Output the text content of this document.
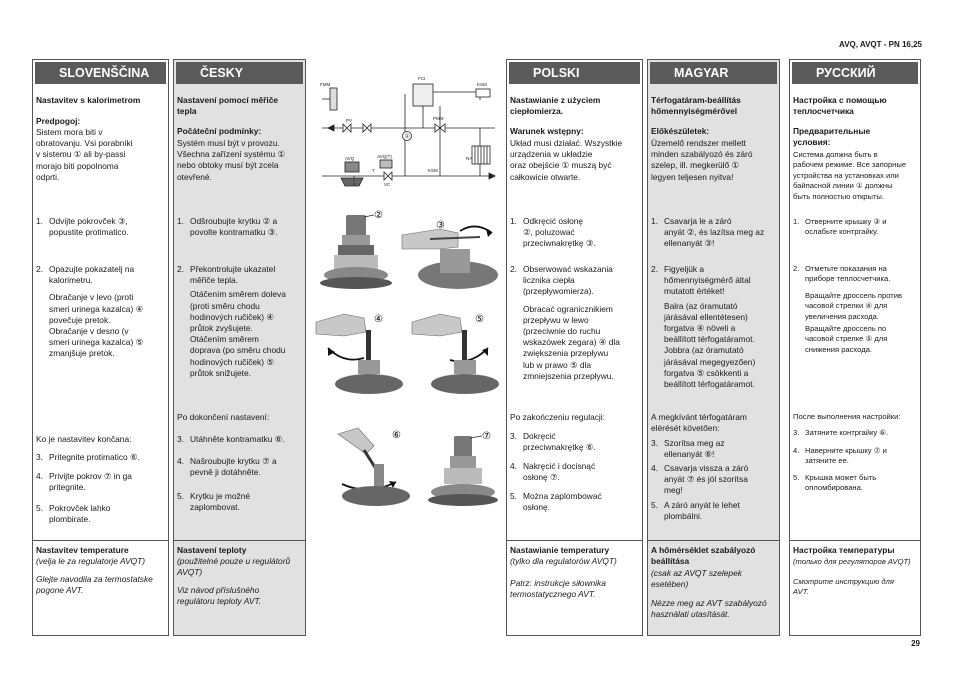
AVQ, AVQT - PN 16,25
29
SLOVENŠČINA
Nastavitev s kalorimetrom
Predpogoj:
Sistem mora biti v
obratovanju. Vsi porabniki
v sistemu ① ali by-passi
morajo biti popolnoma
odprti.
1. Odvijte pokrovček ③,
popustite protimatico.
2. Opazujte pokazatelj na
kalorimetru.
Obračanje v levo (proti
smeri urinega kazalca) ④
povečuje pretok.
Obračanje v desno (v
smeri urinega kazalca) ⑤
zmanjšuje pretok.
Ko je nastavitev končana:
3. Pritegnite protimatico ⑥.
4. Privijte pokrov ⑦ in ga
pritegnite.
5. Pokrovček lahko
plombirate.
Nastavitev temperature
(velja le za regulatorje AVQT)
Glejte navodila za termostatske
pogone AVT.
ČESKY
Nastavení pomocí měřiče
tepla
Počáteční podmínky:
Systém musí být v provozu.
Všechna zařízení systému ①
nebo obtoky musí být zcela
otevřené.
1. Odšroubujte krytku ② a
povolte kontramatku ③.
2. Překontrolujte ukazatel
měřiče tepla.
Otáčením směrem doleva
(proti směru chodu
hodinových ručiček) ④
průtok zvyšujete.
Otáčením směrem
doprava (po směru chodu
hodinových ručiček) ⑤
průtok snižujete.
Po dokončení nastavení:
3. Utáhněte kontramatku ⑥.
4. Našroubujte krytku ⑦ a
pevně ji dotáhněte.
5. Krytku je možné
zaplombovat.
Nastavení teploty
(použitelné pouze u regulátorů
AVQT)
Viz návod příslušného
regulátoru teploty AVT.
FCI
KSM
FMM
PV
AVQ	AVQ(T)
VC
T	KSM
RA
PMM
①
②
③
④	⑤
⑥	⑦
POLSKI
Nastawianie z użyciem
ciepłomierza.
Warunek wstępny:
Układ musi działać. Wszystkie
urządzenia w układzie
oraz obejście ① muszą być
całkowicie otwarte.
1. Odkręcić osłonę
②, poluzować
przeciwnakrętkę ③.
2. Obserwować wskazania
licznika ciepła
(przepływomierza).
Obracać ogranicznikiem
przepływu w lewo
(przeciwnie do ruchu
wskazówek zegara) ④ dla
zwiększenia przepływu
lub w prawo ⑤ dla
zmniejszenia przepływu.
Po zakończeniu regulacji:
3. Dokręcić
przeciwnakrętkę ⑥.
4. Nakręcić i docisnąć
osłonę ⑦.
5. Można zaplombować
osłonę.
Nastawianie temperatury
(tylko dla regulatorów AVQT)
Patrz: instrukcje siłownika
termostatycznego AVT.
MAGYAR
Térfogatáram-beállítás
hőmennyiségmérővel
Előkészületek:
Üzemelő rendszer mellett
minden szabályozó és záró
szelep, ill. megkerülő ①
legyen teljesen nyitva!
1. Csavarja le a záró
anyát ②, és lazítsa meg az
ellenanyát ③!
2. Figyeljük a
hőmennyiségmérő által
mutatott értéket!
Balra (az óramutató
járásával ellentétesen)
forgatva ④ növeli a
beállított térfogatáramot.
Jobbra (az óramutató
járásával megegyezően)
forgatva ⑤ csökkenti a
beállított térfogatáramot.
A megkívánt térfogatáram
elérését követően:
3. Szorítsa meg az
ellenanyát ⑥!
4. Csavarja vissza a záró
anyát ⑦ és jól szorítsa
meg!
5. A záró anyát le lehet
plombálni.
A hőmérséklet szabályozó
beállítása
(csak az AVQT szelepek
esetében)
Nézze meg az AVT szabályozó
használati utasítását.
РУССКИЙ
Настройка с помощью
теплосчетчика
Предварительные
условия:
Система должна быть в
рабочем режиме. Все запорные
устройства на установках или
байпасной линии ① должны
быть полностью открыты.
1. Отверните крышку ③ и
ослабьте контргайку.
2. Отметьте показания на
приборе теплосчетчика.
Вращайте дроссель против
часовой стрелки ④ для
увеличения расхода.
Вращайте дроссель по
часовой стрелке ⑤ для
снижения расхода.
После выполнения настройки:
3. Затяните контргайку ⑥.
4. Наверните крышку ⑦ и
затяните ее.
5. Крышка может быть
опломбирована.
Настройка температуры
(только для регуляторов AVQT)
Смотрите инструкцию для
AVT.
